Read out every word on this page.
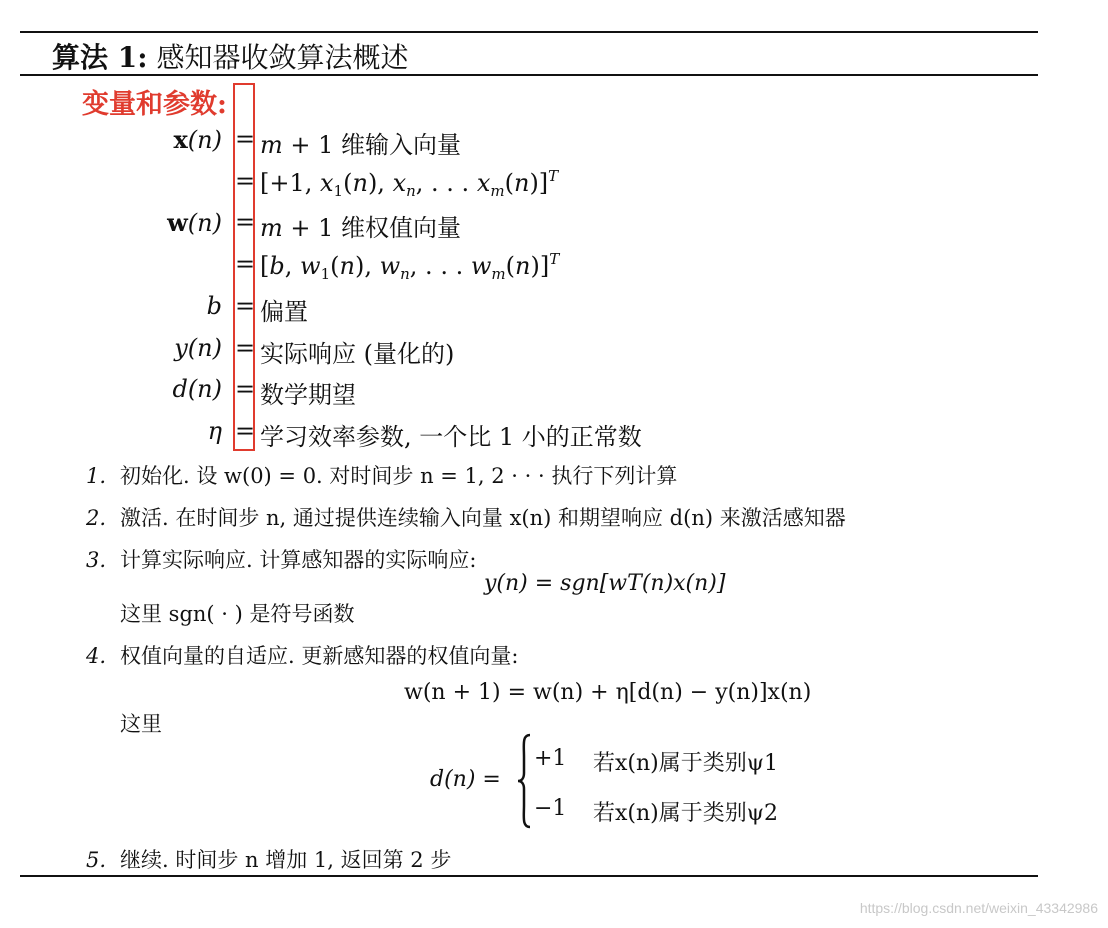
算法 1: 感知器收敛算法概述
变量和参数:
x(n) = m + 1 维输入向量
= [+1, $x_1(n)$, $x_n$, . . . $x_m(n)]^T$
w(n) = m + 1 维权值向量
= [b, $w_1(n)$, $w_n$, . . . $w_m(n)]^T$
b = 偏置
y(n) = 实际响应 (量化的)
d(n) = 数学期望
η = 学习效率参数, 一个比 1 小的正常数
1. 初始化. 设 w(0) = 0. 对时间步 n = 1, 2 · · · 执行下列计算
2. 激活. 在时间步 n, 通过提供连续输入向量 x(n) 和期望响应 d(n) 来激活感知器
3. 计算实际响应. 计算感知器的实际响应:
y(n) = sgn[wT(n)x(n)]
这里 sgn( · ) 是符号函数
4. 权值向量的自适应. 更新感知器的权值向量:
w(n + 1) = w(n) + η[d(n) − y(n)]x(n)
这里
d(n) =
+1 若x(n)属于类别ψ1
−1 若x(n)属于类别ψ2
5. 继续. 时间步 n 增加 1, 返回第 2 步
https://blog.csdn.net/weixin_43342986
